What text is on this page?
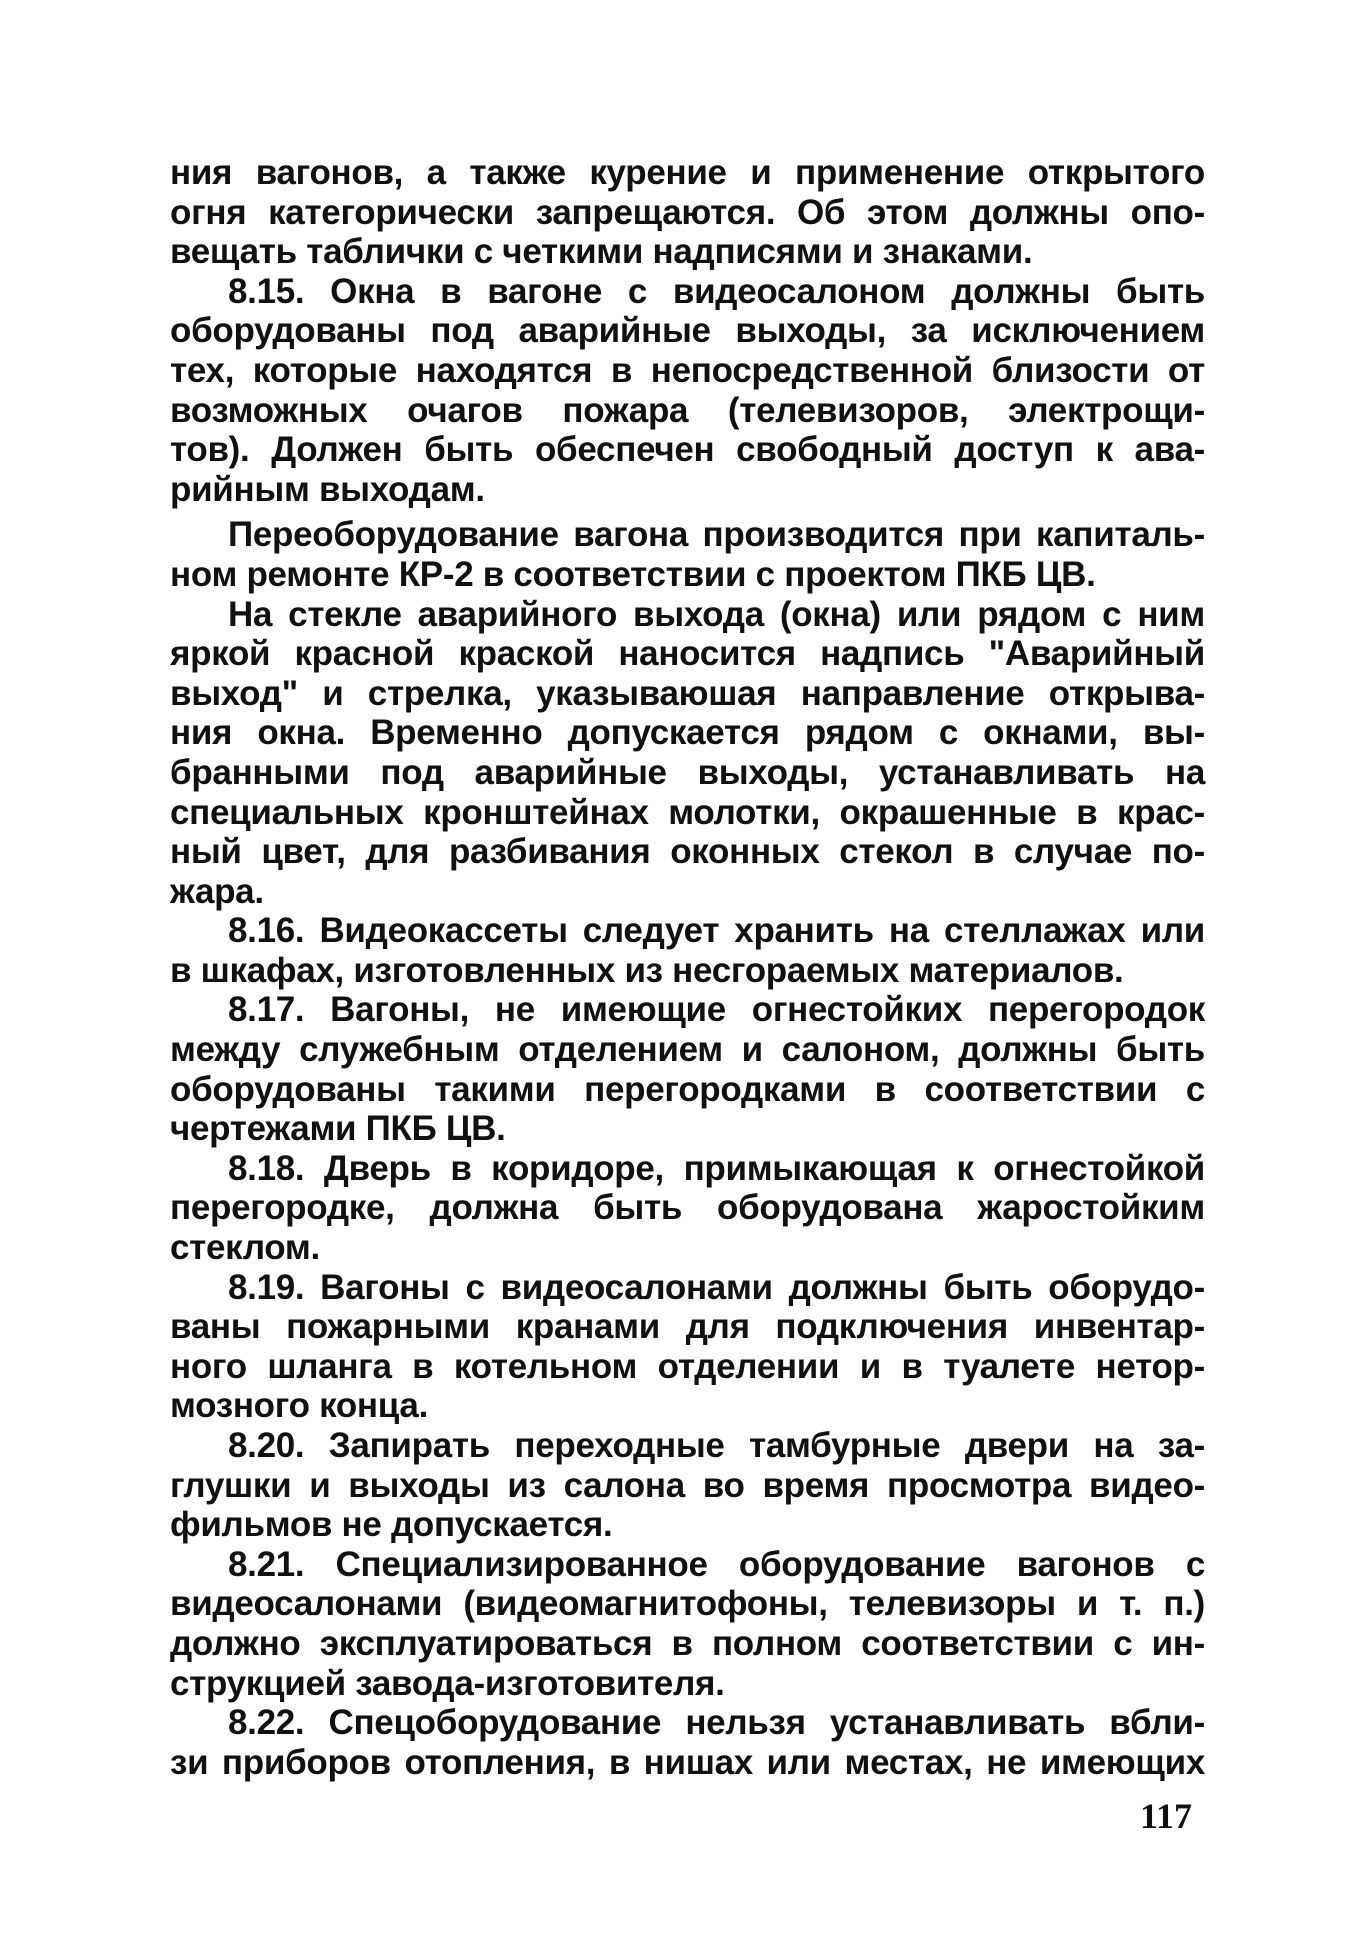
ния вагонов, а также курение и применение открытого
огня категорически запрещаются. Об этом должны опо-
вещать таблички с четкими надписями и знаками.
8.15. Окна в вагоне с видеосалоном должны быть
оборудованы под аварийные выходы, за исключением
тех, которые находятся в непосредственной близости от
возможных очагов пожара (телевизоров, электрощи-
тов). Должен быть обеспечен свободный доступ к ава-
рийным выходам.
Переоборудование вагона производится при капиталь-
ном ремонте КР-2 в соответствии с проектом ПКБ ЦВ.
На стекле аварийного выхода (окна) или рядом с ним
яркой красной краской наносится надпись "Аварийный
выход" и стрелка, указываюшая направление открыва-
ния окна. Временно допускается рядом с окнами, вы-
бранными под аварийные выходы, устанавливать на
специальных кронштейнах молотки, окрашенные в крас-
ный цвет, для разбивания оконных стекол в случае по-
жара.
8.16. Видеокассеты следует хранить на стеллажах или
в шкафах, изготовленных из несгораемых материалов.
8.17. Вагоны, не имеющие огнестойких перегородок
между служебным отделением и салоном, должны быть
оборудованы такими перегородками в соответствии с
чертежами ПКБ ЦВ.
8.18. Дверь в коридоре, примыкающая к огнестойкой
перегородке, должна быть оборудована жаростойким
стеклом.
8.19. Вагоны с видеосалонами должны быть оборудо-
ваны пожарными кранами для подключения инвентар-
ного шланга в котельном отделении и в туалете нетор-
мозного конца.
8.20. Запирать переходные тамбурные двери на за-
глушки и выходы из салона во время просмотра видео-
фильмов не допускается.
8.21. Специализированное оборудование вагонов с
видеосалонами (видеомагнитофоны, телевизоры и т. п.)
должно эксплуатироваться в полном соответствии с ин-
струкцией завода-изготовителя.
8.22. Спецоборудование нельзя устанавливать вбли-
зи приборов отопления, в нишах или местах, не имеющих
117
